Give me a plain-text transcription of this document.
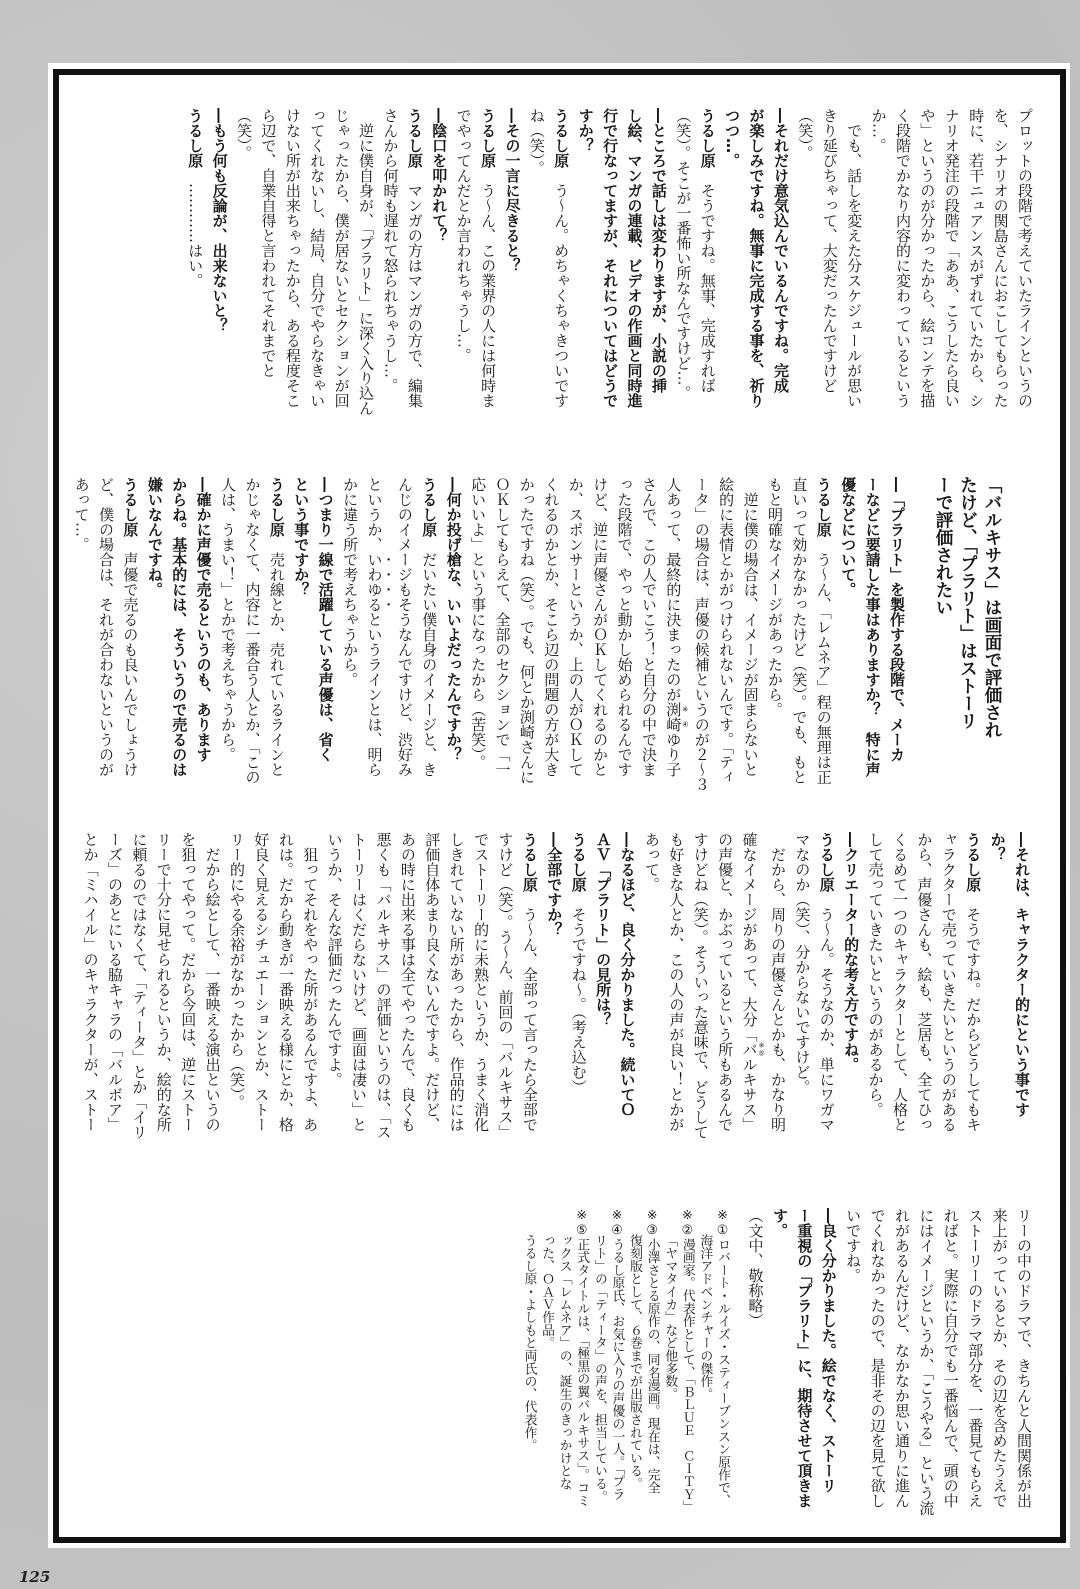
プロットの段階で考えていたラインというの
を、シナリオの関島さんにおこしてもらった
時に、若干ニュアンスがずれていたから、シ
ナリオ発注の段階で「ああ、こうしたら良い
や」というのが分かったから、絵コンテを描
く段階でかなり内容的に変わっているという
か…。
　でも、話しを変えた分スケジュールが思い
きり延びちゃって、大変だったんですけど
（笑）。
―それだけ意気込んでいるんですね。完成
が楽しみですね。無事に完成する事を、祈り
つつ…。
うるし原　そうですね。無事、完成すれば
（笑）。そこが一番怖い所なんですけど…。
―ところで話しは変わりますが、小説の挿
し絵、マンガの連載、ビデオの作画と同時進
行で行なってますが、それについてはどうで
すか？
うるし原　う〜ん。めちゃくちゃきついです
ね（笑）。
―その一言に尽きると？
うるし原　う〜ん、この業界の人には何時ま
でやってんだとか言われちゃうし…。
―陰口を叩かれて？
うるし原　マンガの方はマンガの方で、編集
さんから何時も遅れて怒られちゃうし…。
　逆に僕自身が、「プラリト」に深く入り込ん
じゃったから、僕が居ないとセクションが回
ってくれないし、結局、自分でやらなきゃい
けない所が出来ちゃったから、ある程度そこ
ら辺で、自業自得と言われてそれまでと
（笑）。
―もう何も反論が、出来ないと？
うるし原　…………はい。
「バルキサス」は画面で評価され
たけど、「プラリト」はストーリ
ーで評価されたい
―「プラリト」を製作する段階で、メーカ
ーなどに要請した事はありますか？　特に声
優などについて。
うるし原　う〜ん、「レムネア」程の無理は正
直いって効かなかったけど（笑）。でも、もと
もと明確なイメージがあったから。
　逆に僕の場合は、イメージが固まらないと
絵的に表情とかがつけられないんです。「ティ
ータ」の場合は、声優の候補というのが２〜３
人あって、最終的に決まったのが渕崎 ※④ゆり子
さんで、この人でいこう！と自分の中で決ま
った段階で、やっと動かし始められるんです
けど、逆に声優さんがＯＫしてくれるのかと
か、スポンサーというか、上の人がＯＫして
くれるのかとか、そこら辺の問題の方が大き
かったですね（笑）。でも、何とか渕崎さんに
ＯＫしてもらえて、全部のセクションで「一
応いいよ」という事になったから（苦笑）。
―何か投げ槍な、いいよだったんですか？
うるし原　だいたい僕自身のイメージと、き
んじのイメージもそうなんですけど、渋好み
というか、いわゆるというラインとは、明ら
かに違う所で考えちゃうから。
―つまり一線で活躍している声優は、省く
という事ですか？
うるし原　売れ線とか、売れているラインと
かじゃなくて、内容に一番合う人とか、「この
人は、うまい！」とかで考えちゃうから。
―確かに声優で売るというのも、あります
からね。基本的には、そういうので売るのは
嫌いなんですね。
うるし原　声優で売るのも良いんでしょうけ
ど、僕の場合は、それが合わないというのが
あって…。
―それは、キャラクター的にという事です
か？
うるし原　そうですね。だからどうしてもキ
ャラクターで売っていきたいというのがある
から、声優さんも、絵も、芝居も、全てひっ
くるめて一つのキャラクターとして、人格と
して売っていきたいというのがあるから。
―クリエーター的な考え方ですね。
うるし原　う〜ん。そうなのか、単にワガマ
マなのか（笑）、分からないですけど。
　だから、周りの声優さんとかも、かなり明
確なイメージがあって、大分「バ ※⑤ルキサス」
の声優と、かぶっているという所もあるんで
すけどね（笑）。そういった意味で、どうして
も好きな人とか、この人の声が良い！とかが
あって。
―なるほど、良く分かりました。続いてＯ
ＡＶ「プラリト」の見所は？
うるし原　そうですね〜。（考え込む）
―全部ですか？
うるし原　う〜ん、全部って言ったら全部で
すけど（笑）。う〜ん、前回の「バルキサス」
でストーリー的に未熟というか、うまく消化
しきれていない所があったから、作品的には
評価自体あまり良くないんですよ。だけど、
あの時に出来る事は全てやったんで、良くも
悪くも「バルキサス」の評価というのは、「ス
トーリーはくだらないけど、画面は凄い」と
いうか、そんな評価だったんですよ。
　狙ってそれをやった所があるんですよ、あ
れは。だから動きが一番映える様にとか、格
好良く見えるシチュエーションとか、ストー
リー的にやる余裕がなかったから（笑）。
　だから絵として、一番映える演出というの
を狙ってやって。だから今回は、逆にストー
リーで十分に見せられるというか、絵的な所
に頼るのではなくて、「ティータ」とか「イリ
ーズ」のあとにいる脇キャラの「バルボア」
とか「ミハイル」のキャラクターが、ストー
リーの中のドラマで、きちんと人間関係が出
来上がっているとか、その辺を含めたうえで
ストーリーのドラマ部分を、一番見てもらえ
ればと。実際に自分でも一番悩んで、頭の中
にはイメージというか、「こうやる」という流
れがあるんだけど、なかなか思い通りに進ん
でくれなかったので、是非その辺を見て欲し
いですね。
―良く分かりました。絵でなく、ストーリ
ー重視の「プラリト」に、期待させて頂きま
す。
（文中、敬称略）
※①ロバート・ルイズ・スティーブンスン原作で、
海洋アドベンチャーの傑作。
※②漫画家。代表作として、「ＢＬＵＥ　ＣＩＴＹ」
「ヤマタイカ」など他多数。
※③小澤さとる原作の、同名漫画。現在は、完全
復刻版として、６巻までが出版されている。
※④うるし原氏、お気に入りの声優の一人。「プラ
リト」の「ティータ」の声を、担当している。
※⑤正式タイトルは、「極黒の翼バルキサス」。コミ
ックス「レムネア」の、誕生のきっかけとな
った、ＯＡＶ作品。
うるし原・よしもと両氏の、代表作。
125
